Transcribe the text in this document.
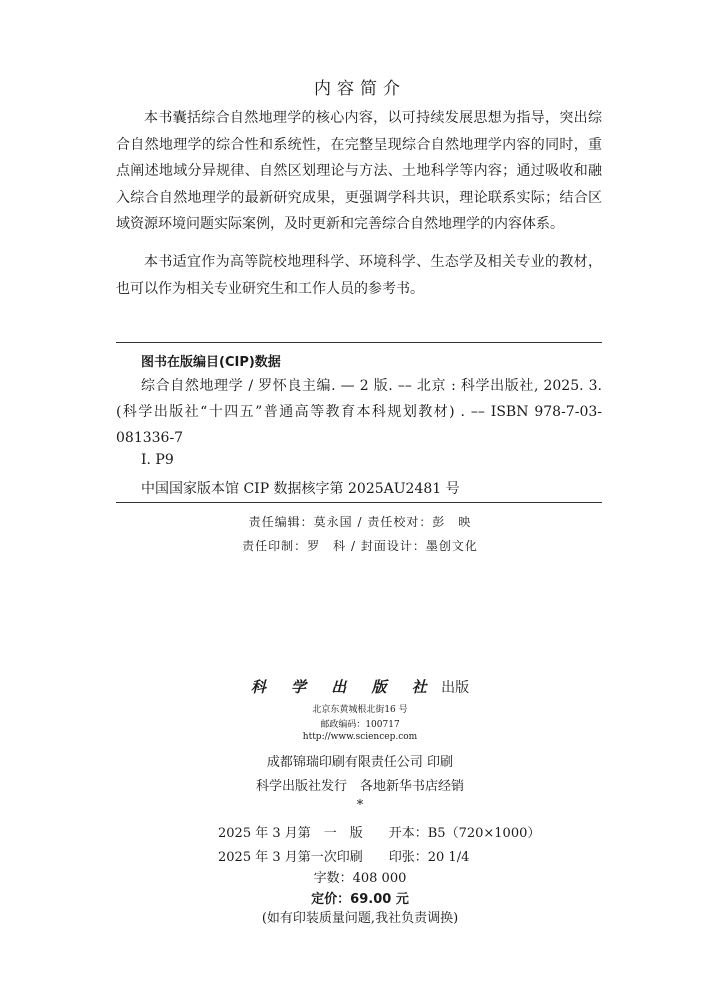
内容简介

本书囊括综合自然地理学的核心内容，以可持续发展思想为指导，突出综合自然地理学的综合性和系统性，在完整呈现综合自然地理学内容的同时，重点阐述地域分异规律、自然区划理论与方法、土地科学等内容；通过吸收和融入综合自然地理学的最新研究成果，更强调学科共识，理论联系实际；结合区域资源环境问题实际案例，及时更新和完善综合自然地理学的内容体系。

本书适宜作为高等院校地理科学、环境科学、生态学及相关专业的教材，也可以作为相关专业研究生和工作人员的参考书。

图书在版编目(CIP)数据

综合自然地理学 / 罗怀良主编. — 2 版. –– 北京 : 科学出版社, 2025. 3. (科学出版社“十四五”普通高等教育本科规划教材) . –– ISBN 978-7-03-081336-7

Ⅰ. P9
中国国家版本馆 CIP 数据核字第 2025AU2481 号
责任编辑：莫永国 / 责任校对：彭　映
责任印制：罗　科 / 封面设计：墨创文化
科 学 出 版 社 出版
北京东黄城根北街16 号
邮政编码：100717
http://www.sciencep.com
成都锦瑞印刷有限责任公司 印刷
科学出版社发行　各地新华书店经销
*
2025 年 3 月第　一　版　　开本：B5（720×1000）
2025 年 3 月第一次印刷　　印张：20 1/4
字数：408 000
定价：69.00 元
(如有印装质量问题,我社负责调换)
